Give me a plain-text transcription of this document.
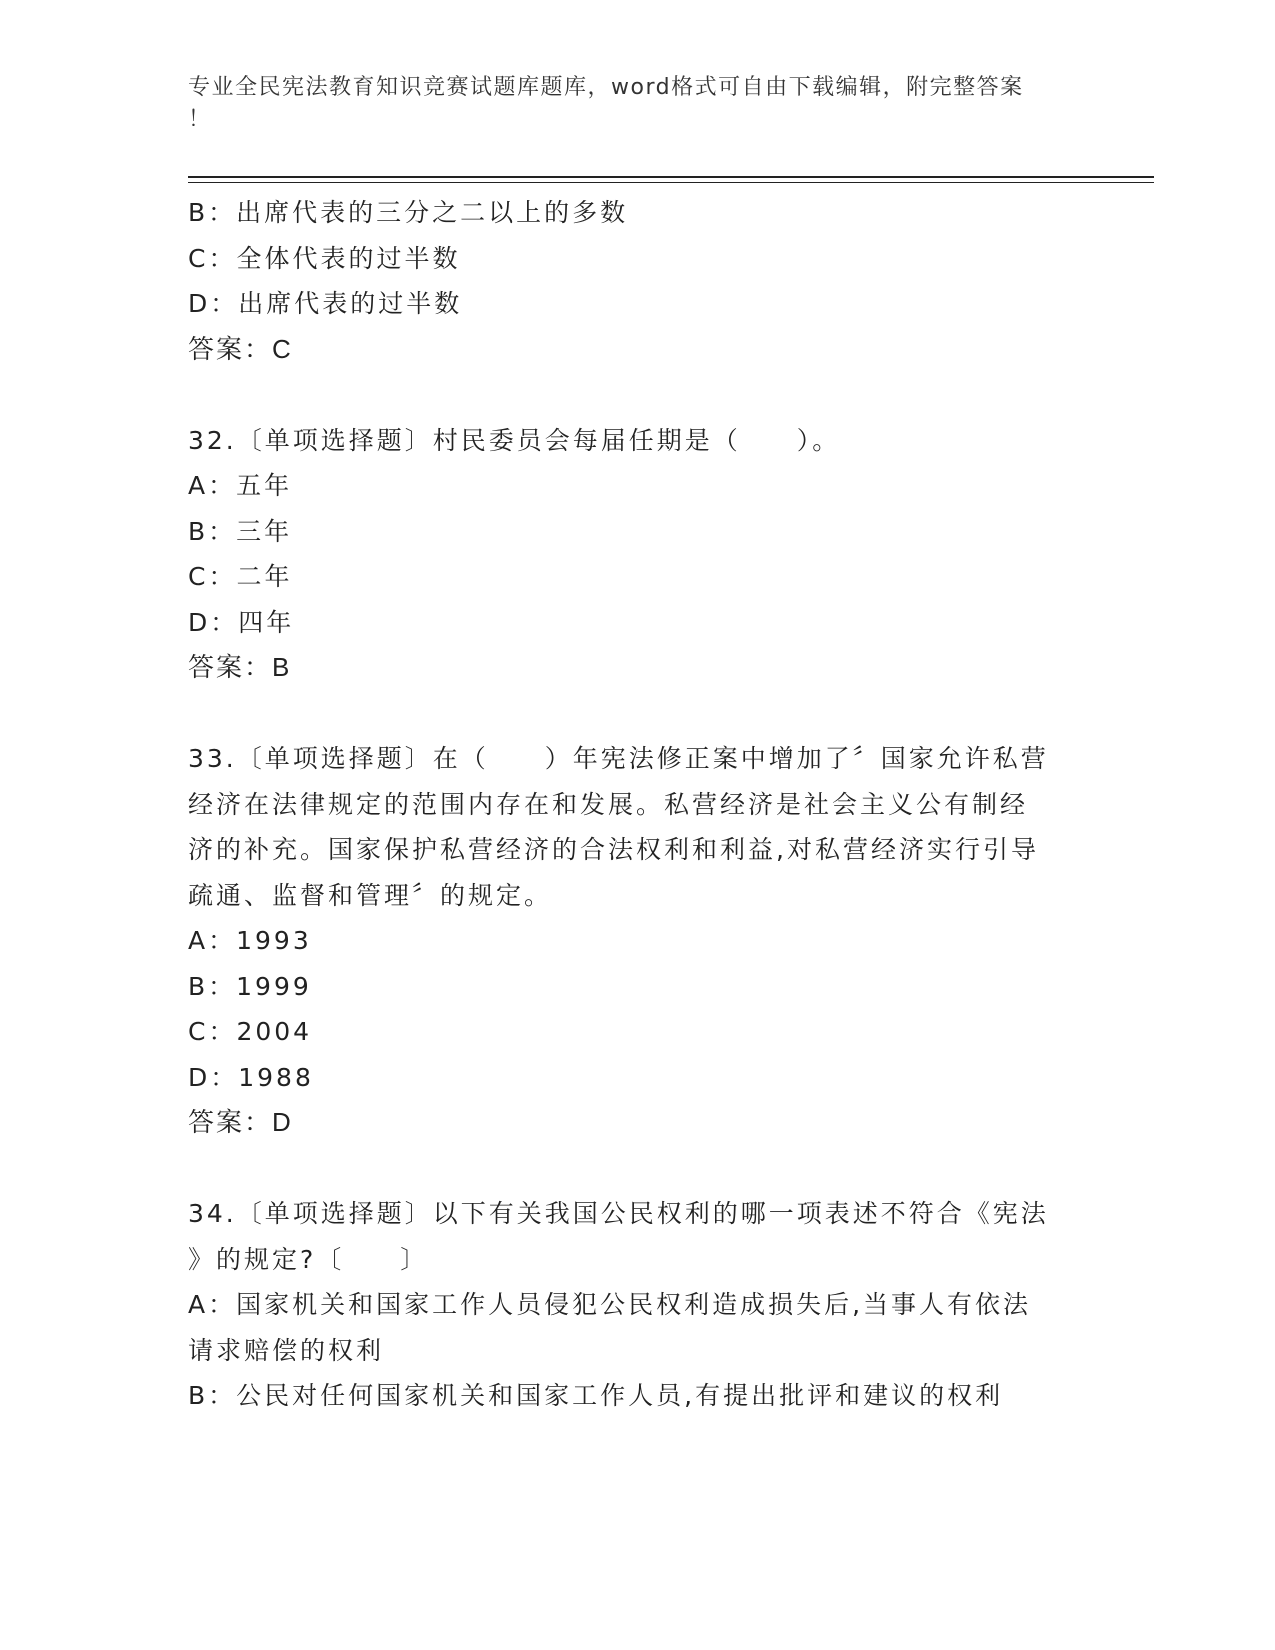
专业全民宪法教育知识竞赛试题库题库，word格式可自由下载编辑，附完整答案
！
B：出席代表的三分之二以上的多数
C：全体代表的过半数
D：出席代表的过半数
答案：C
32.〔单项选择题〕村民委员会每届任期是（　　）。
A：五年
B：三年
C：二年
D：四年
答案：B
33.〔单项选择题〕在（　　）年宪法修正案中增加了〞国家允许私营
经济在法律规定的范围内存在和发展。私营经济是社会主义公有制经
济的补充。国家保护私营经济的合法权利和利益,对私营经济实行引导
疏通、监督和管理〞的规定。
A：1993
B：1999
C：2004
D：1988
答案：D
34.〔单项选择题〕以下有关我国公民权利的哪一项表述不符合《宪法
》的规定?〔　　〕
A：国家机关和国家工作人员侵犯公民权利造成损失后,当事人有依法
请求赔偿的权利
B：公民对任何国家机关和国家工作人员,有提出批评和建议的权利
